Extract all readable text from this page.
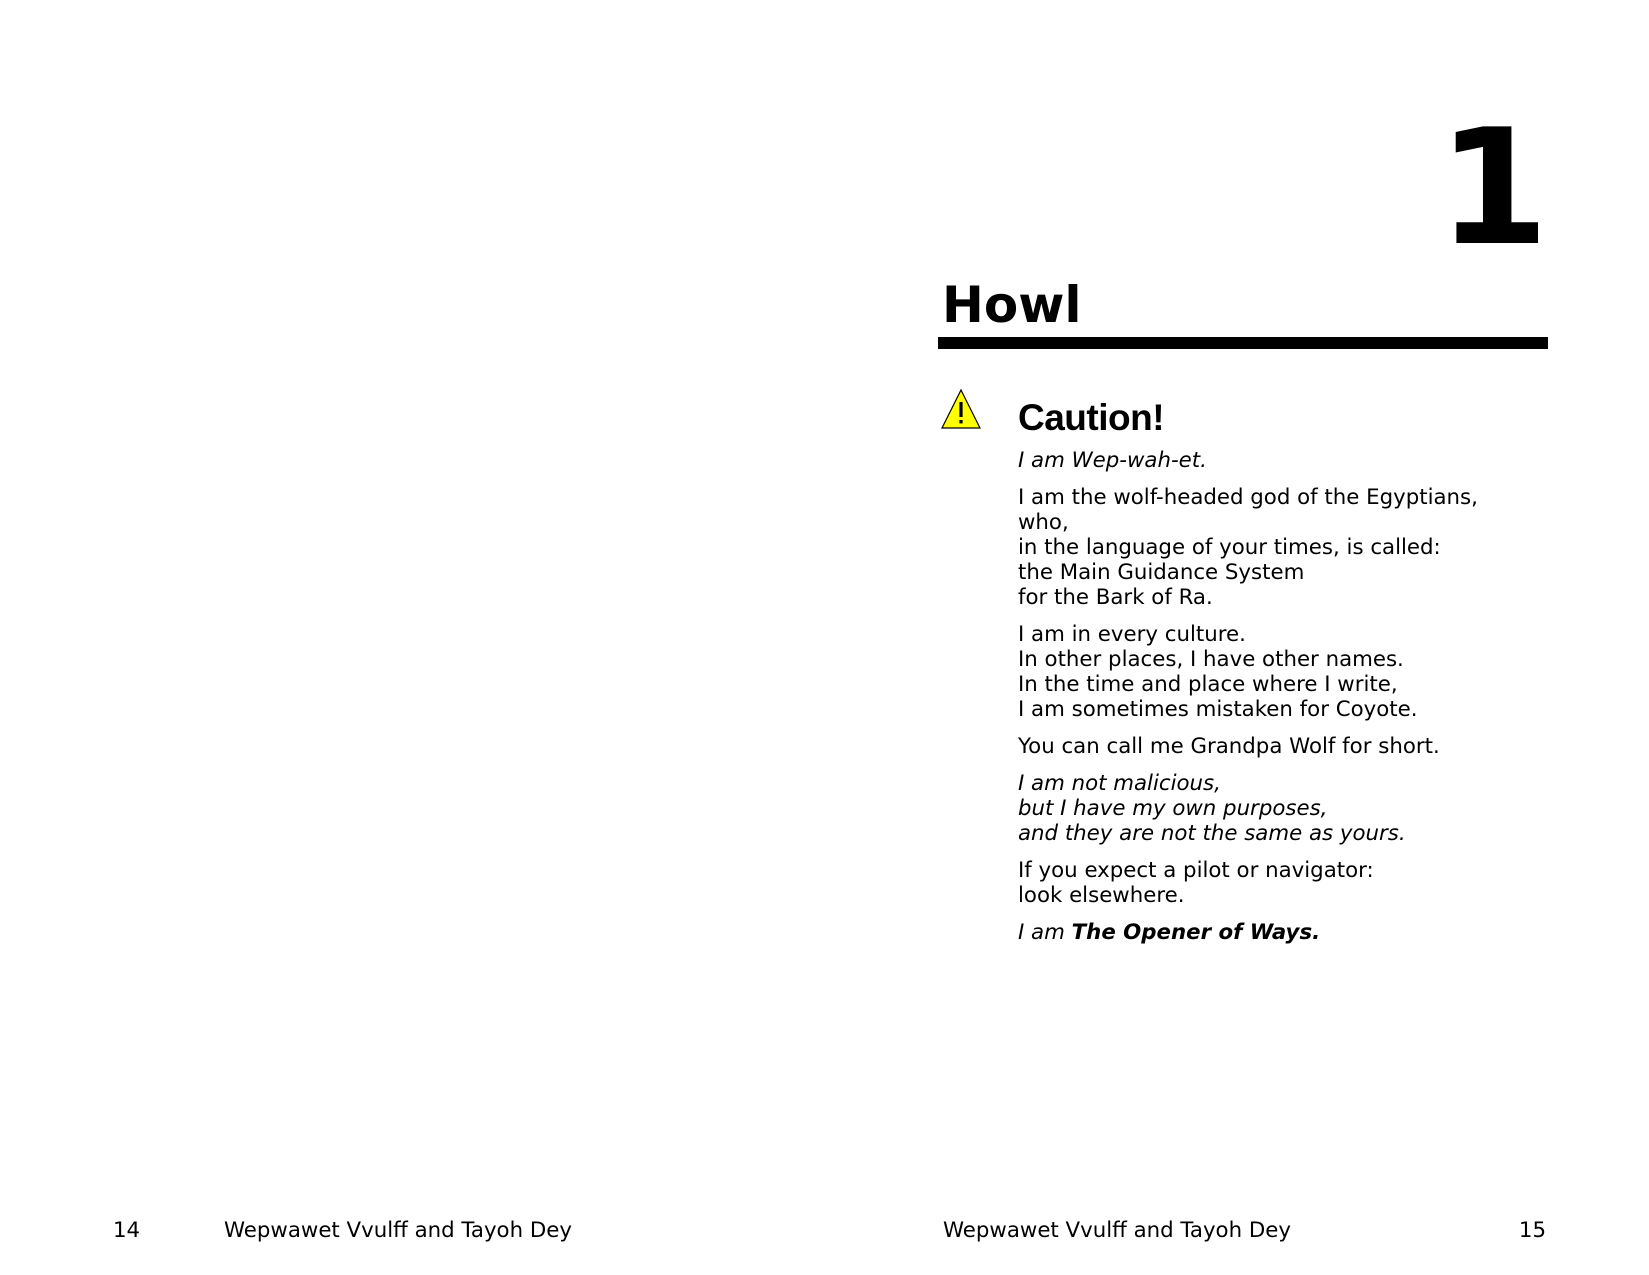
14	Wepwawet Vvulff and Tayoh Dey
1
Howl
Caution!

I am Wep-wah-et.

I am the wolf-headed god of the Egyptians,
who,
in the language of your times, is called:
the Main Guidance System
for the Bark of Ra.

I am in every culture.
In other places, I have other names.
In the time and place where I write,
I am sometimes mistaken for Coyote.

You can call me Grandpa Wolf for short.

I am not malicious,
but I have my own purposes,
and they are not the same as yours.

If you expect a pilot or navigator:
look elsewhere.

I am The Opener of Ways.

Wepwawet Vvulff and Tayoh Dey	15
